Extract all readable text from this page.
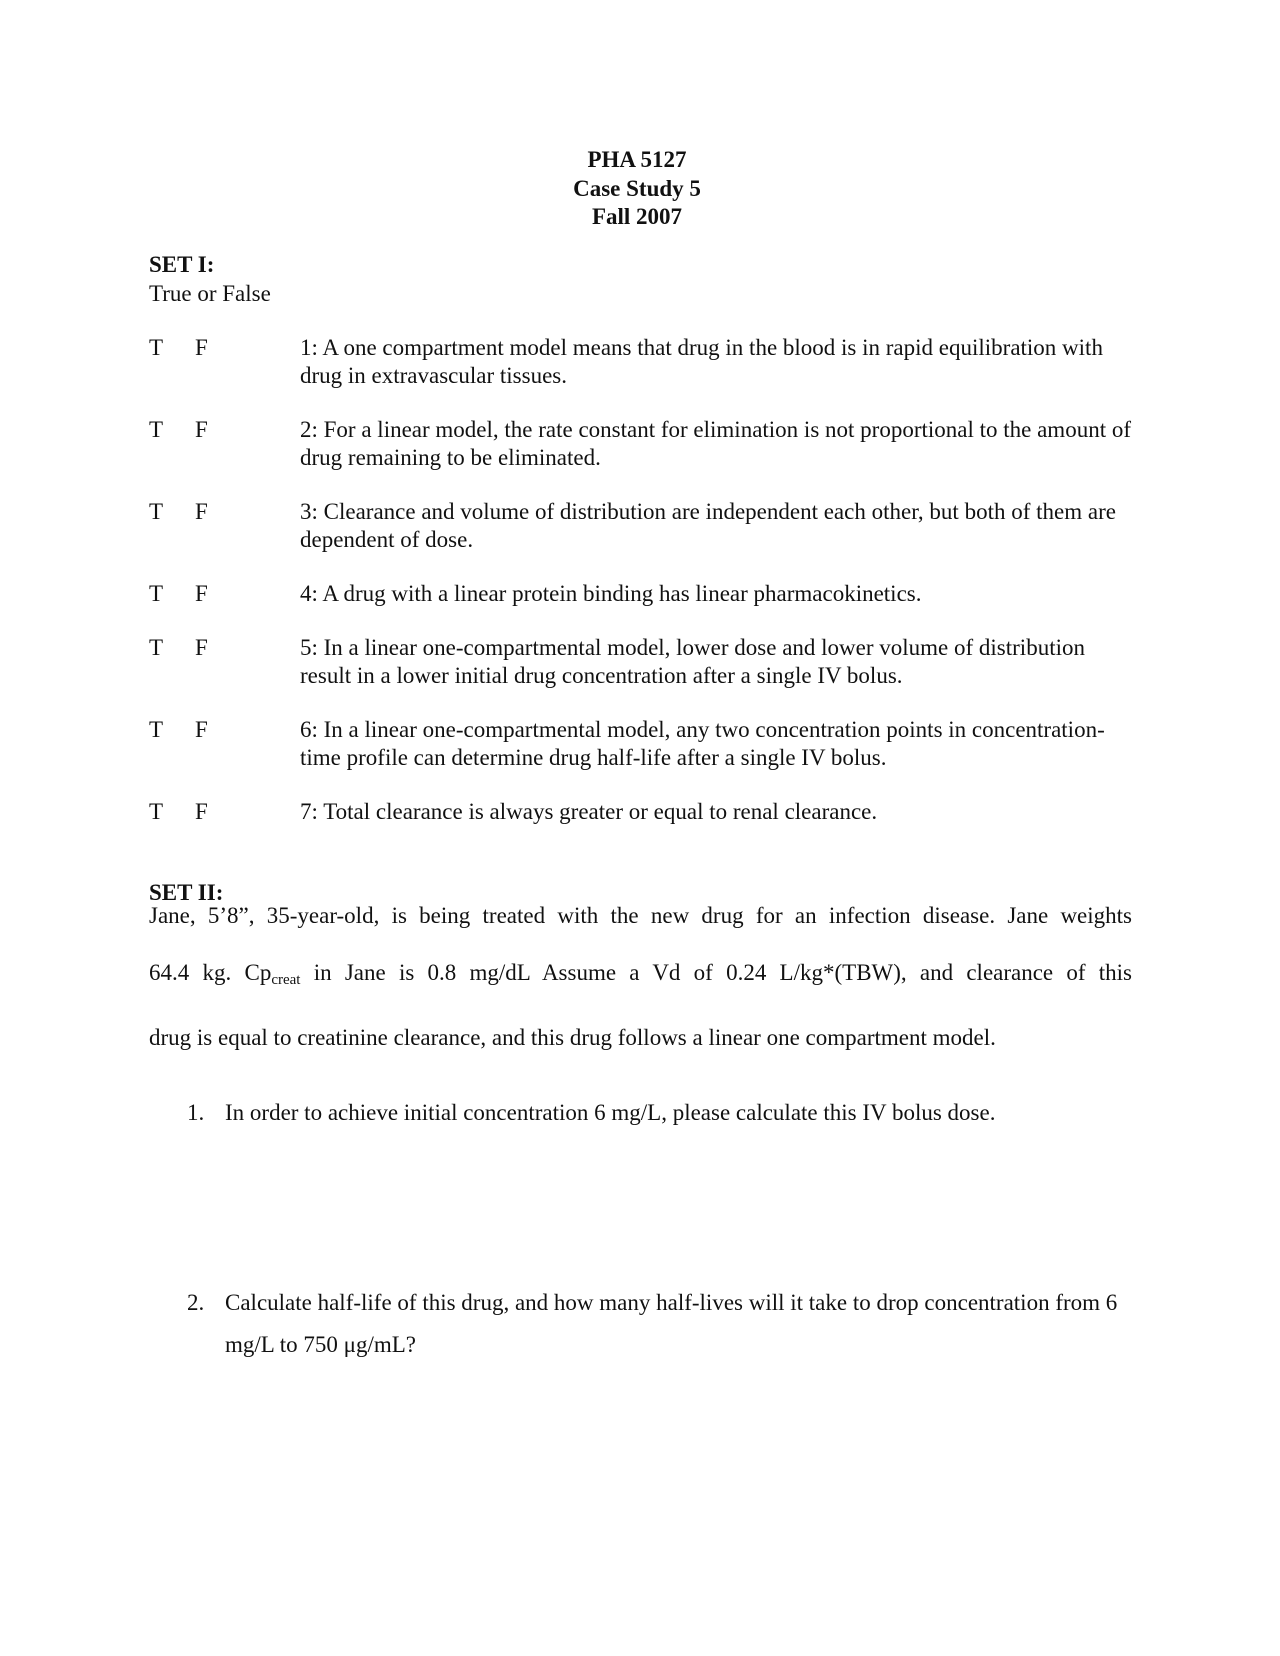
PHA 5127
Case Study 5
Fall 2007
SET I:
True or False
T F	1: A one compartment model means that drug in the blood is in rapid equilibration with drug in extravascular tissues.
T F	2: For a linear model, the rate constant for elimination is not proportional to the amount of drug remaining to be eliminated.
T F	3: Clearance and volume of distribution are independent each other, but both of them are dependent of dose.
T F	4: A drug with a linear protein binding has linear pharmacokinetics.
T F	5: In a linear one-compartmental model, lower dose and lower volume of distribution result in a lower initial drug concentration after a single IV bolus.
T F	6: In a linear one-compartmental model, any two concentration points in concentration-time profile can determine drug half-life after a single IV bolus.
T F	7: Total clearance is always greater or equal to renal clearance.
SET II:
Jane, 5’8”, 35-year-old, is being treated with the new drug for an infection disease. Jane weights
64.4 kg. $Cp_{creat}$ in Jane is 0.8 mg/dL Assume a Vd of 0.24 L/kg*(TBW), and clearance of this
drug is equal to creatinine clearance, and this drug follows a linear one compartment model.
1. In order to achieve initial concentration 6 mg/L, please calculate this IV bolus dose.
2. Calculate half-life of this drug, and how many half-lives will it take to drop concentration from 6 mg/L to 750 μg/mL?
